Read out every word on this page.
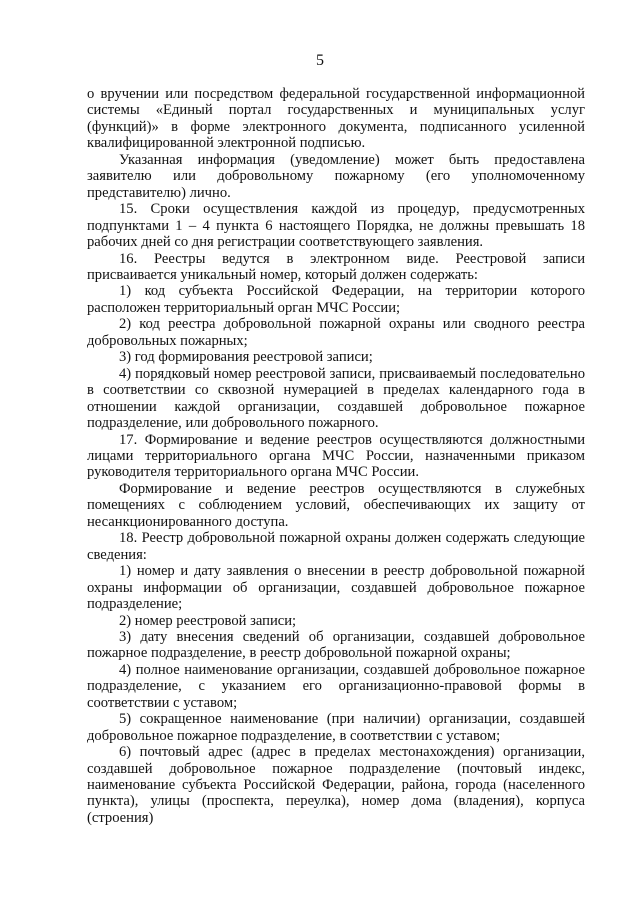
5

о вручении или посредством федеральной государственной информационной системы «Единый портал государственных и муниципальных услуг (функций)» в форме электронного документа, подписанного усиленной квалифицированной электронной подписью.

Указанная информация (уведомление) может быть предоставлена заявителю или добровольному пожарному (его уполномоченному представителю) лично.

15. Сроки осуществления каждой из процедур, предусмотренных подпунктами 1 – 4 пункта 6 настоящего Порядка, не должны превышать 18 рабочих дней со дня регистрации соответствующего заявления.

16. Реестры ведутся в электронном виде. Реестровой записи присваивается уникальный номер, который должен содержать:

1) код субъекта Российской Федерации, на территории которого расположен территориальный орган МЧС России;

2) код реестра добровольной пожарной охраны или сводного реестра добровольных пожарных;

3) год формирования реестровой записи;

4) порядковый номер реестровой записи, присваиваемый последовательно в соответствии со сквозной нумерацией в пределах календарного года в отношении каждой организации, создавшей добровольное пожарное подразделение, или добровольного пожарного.

17. Формирование и ведение реестров осуществляются должностными лицами территориального органа МЧС России, назначенными приказом руководителя территориального органа МЧС России.

Формирование и ведение реестров осуществляются в служебных помещениях с соблюдением условий, обеспечивающих их защиту от несанкционированного доступа.

18. Реестр добровольной пожарной охраны должен содержать следующие сведения:

1) номер и дату заявления о внесении в реестр добровольной пожарной охраны информации об организации, создавшей добровольное пожарное подразделение;

2) номер реестровой записи;

3) дату внесения сведений об организации, создавшей добровольное пожарное подразделение, в реестр добровольной пожарной охраны;

4) полное наименование организации, создавшей добровольное пожарное подразделение, с указанием его организационно-правовой формы в соответствии с уставом;

5) сокращенное наименование (при наличии) организации, создавшей добровольное пожарное подразделение, в соответствии с уставом;

6) почтовый адрес (адрес в пределах местонахождения) организации, создавшей добровольное пожарное подразделение (почтовый индекс, наименование субъекта Российской Федерации, района, города (населенного пункта), улицы (проспекта, переулка), номер дома (владения), корпуса (строения)
